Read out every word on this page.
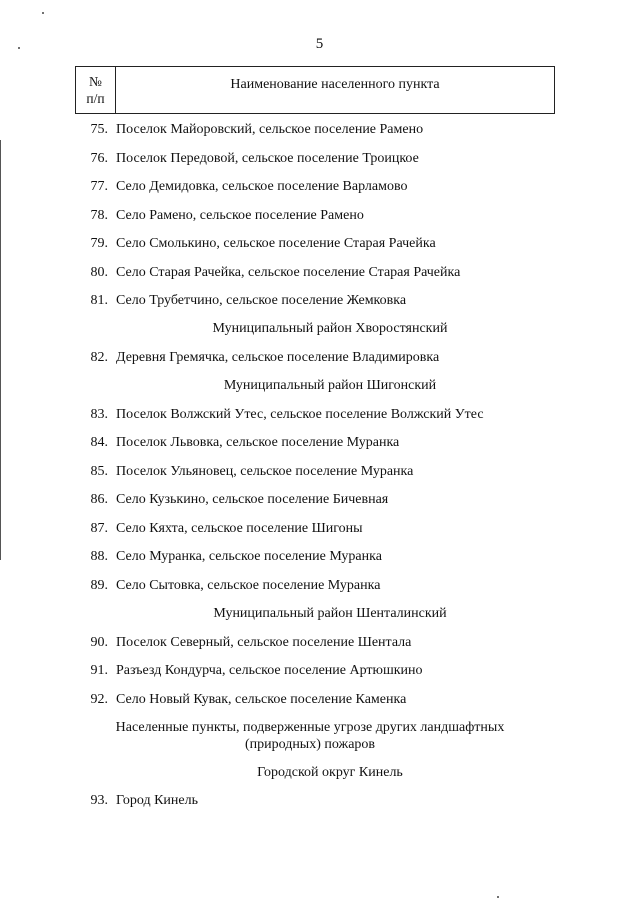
5
№
п/п
Наименование населенного пункта
75. Поселок Майоровский, сельское поселение Рамено
76. Поселок Передовой, сельское поселение Троицкое
77. Село Демидовка, сельское поселение Варламово
78. Село Рамено, сельское поселение Рамено
79. Село Смолькино, сельское поселение Старая Рачейка
80. Село Старая Рачейка, сельское поселение Старая Рачейка
81. Село Трубетчино, сельское поселение Жемковка
Муниципальный район Хворостянский
82. Деревня Гремячка, сельское поселение Владимировка
Муниципальный район Шигонский
83. Поселок Волжский Утес, сельское поселение Волжский Утес
84. Поселок Львовка, сельское поселение Муранка
85. Поселок Ульяновец, сельское поселение Муранка
86. Село Кузькино, сельское поселение Бичевная
87. Село Кяхта, сельское поселение Шигоны
88. Село Муранка, сельское поселение Муранка
89. Село Сытовка, сельское поселение Муранка
Муниципальный район Шенталинский
90. Поселок Северный, сельское поселение Шентала
91. Разъезд Кондурча, сельское поселение Артюшкино
92. Село Новый Кувак, сельское поселение Каменка
Населенные пункты, подверженные угрозе других ландшафтных
(природных) пожаров
Городской округ Кинель
93. Город Кинель
